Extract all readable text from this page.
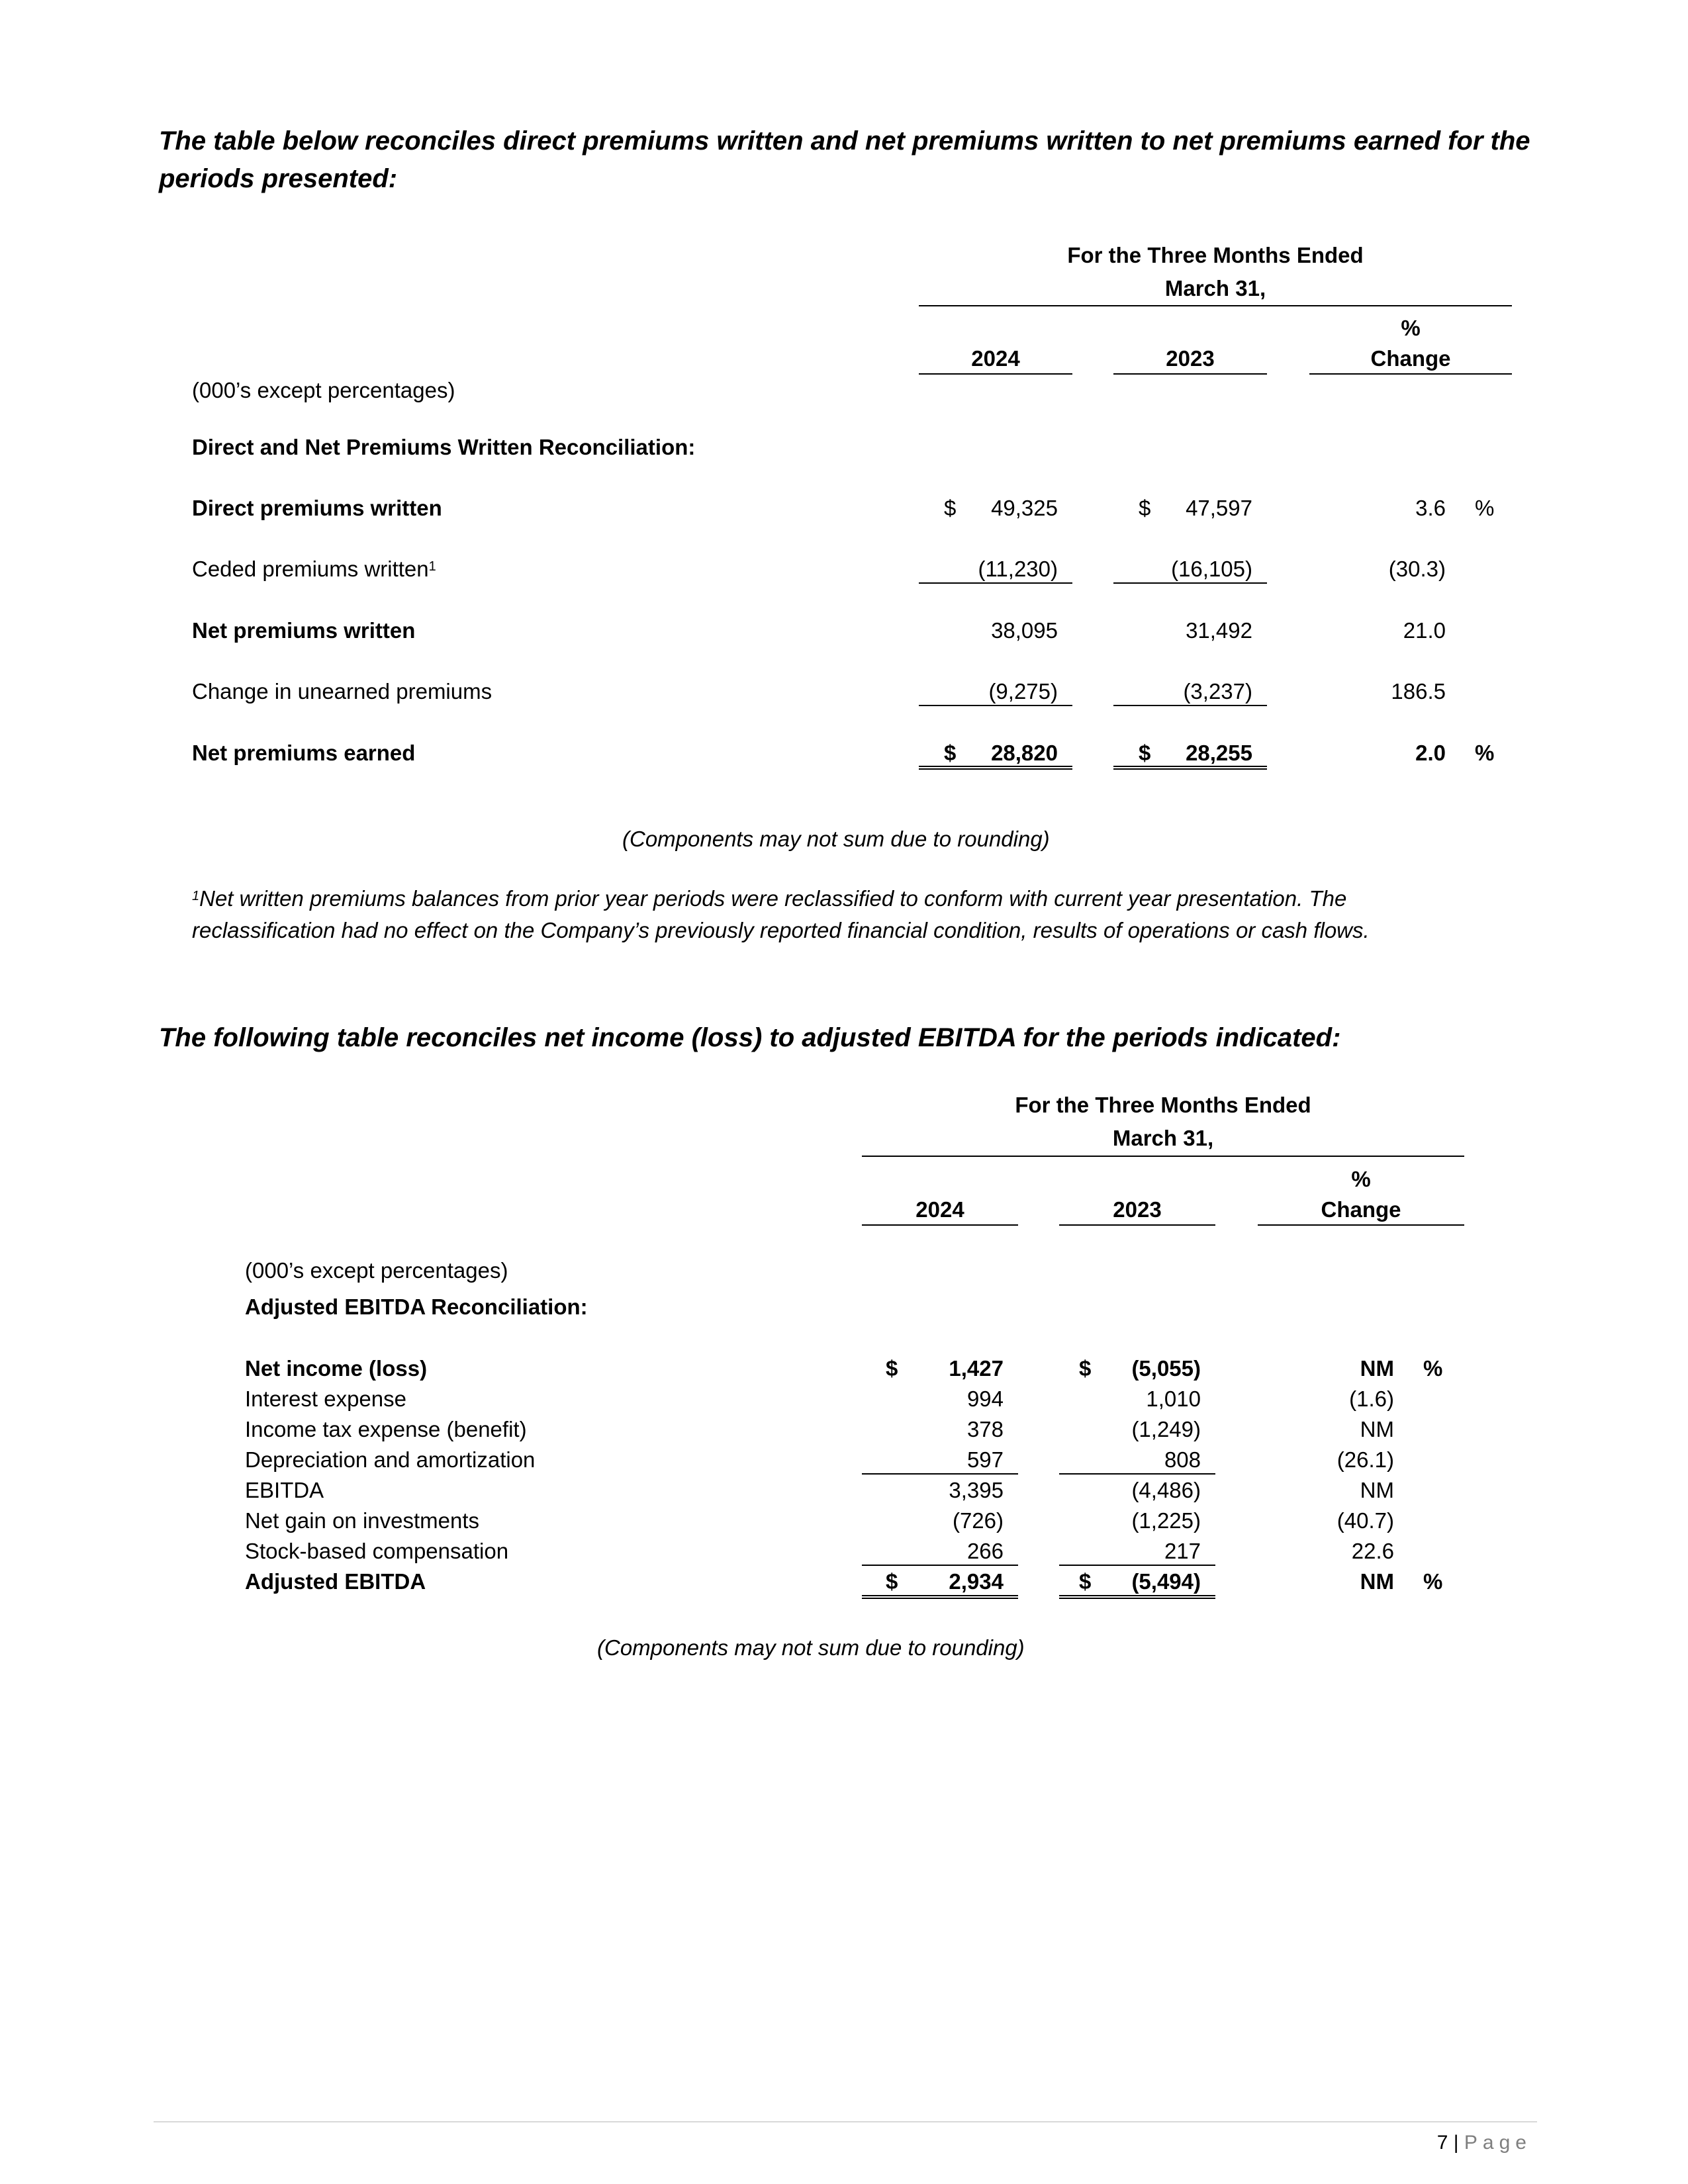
The table below reconciles direct premiums written and net premiums written to net premiums earned for the periods presented:
For the Three Months Ended
March 31,
%
2024	2023	Change
(000’s except percentages)
Direct and Net Premiums Written Reconciliation:
Direct premiums written	$	49,325	$	47,597	3.6 %
Ceded premiums written$^1$	(11,230)	(16,105)	(30.3)
Net premiums written	38,095	31,492	21.0
Change in unearned premiums	(9,275)	(3,237)	186.5
Net premiums earned	$	28,820	$	28,255	2.0 %
(Components may not sum due to rounding)
$^1$Net written premiums balances from prior year periods were reclassified to conform with current year presentation. The
reclassification had no effect on the Company’s previously reported financial condition, results of operations or cash flows.
The following table reconciles net income (loss) to adjusted EBITDA for the periods indicated:
For the Three Months Ended
March 31,
%
2024	2023	Change
(000’s except percentages)
Adjusted EBITDA Reconciliation:
Net income (loss)	$	1,427	$	(5,055)	NM %
Interest expense	994	1,010	(1.6)
Income tax expense (benefit)	378	(1,249)	NM
Depreciation and amortization	597	808	(26.1)
EBITDA	3,395	(4,486)	NM
Net gain on investments	(726)	(1,225)	(40.7)
Stock-based compensation	266	217	22.6
Adjusted EBITDA	$	2,934	$	(5,494)	NM %
(Components may not sum due to rounding)
7 | Page
